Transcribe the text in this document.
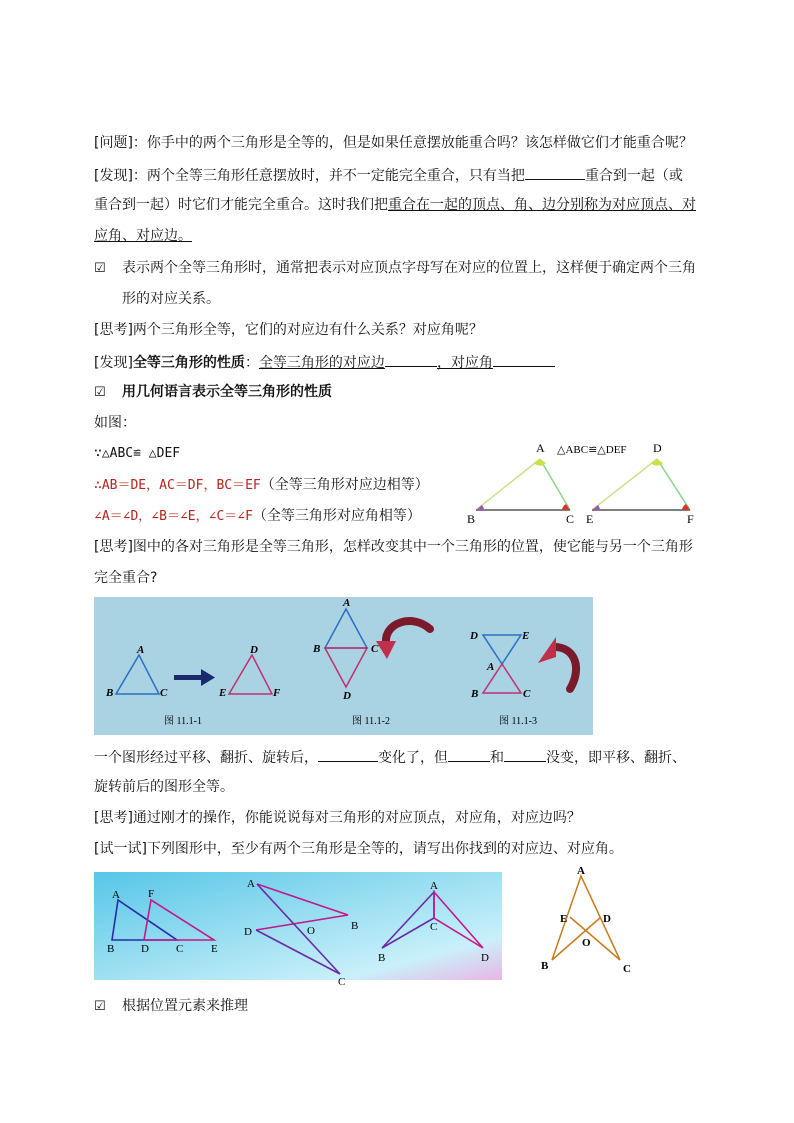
[问题]：你手中的两个三角形是全等的，但是如果任意摆放能重合吗？该怎样做它们才能重合呢？
[发现]：两个全等三角形任意摆放时，并不一定能完全重合，只有当把	重合到一起（或
重合到一起）时它们才能完全重合。这时我们把重合在一起的顶点、角、边分别称为对应顶点、对
应角、对应边。
☑ 表示两个全等三角形时，通常把表示对应顶点字母写在对应的位置上，这样便于确定两个三角
形的对应关系。
[思考]两个三角形全等，它们的对应边有什么关系？对应角呢？
[发现]全等三角形的性质：全等三角形的对应边	，对应角
☑ 用几何语言表示全等三角形的性质
如图：
∵△ABC≌ △DEF
∴AB＝DE，AC＝DF，BC＝EF（全等三角形对应边相等）
∠A＝∠D，∠B＝∠E，∠C＝∠F（全等三角形对应角相等）
[思考]图中的各对三角形是全等三角形，怎样改变其中一个三角形的位置，使它能与另一个三角形
完全重合?
一个图形经过平移、翻折、旋转后，	变化了，但	和	没变，即平移、翻折、
旋转前后的图形全等。
[思考]通过刚才的操作，你能说说每对三角形的对应顶点，对应角，对应边吗？
[试一试]下列图形中，至少有两个三角形是全等的，请写出你找到的对应边、对应角。
☑ 根据位置元素来推理
A
B	C
D
E	F
△ABC≌△DEF
A
B	C
D
E	F
图 11.1-1
A
B	C
D
图 11.1-2
D	E
A
B	C
图 11.1-3
A	F
B D C	E
A
B
D	O
C
A
C
B	D
A
E	D
O
B	C
